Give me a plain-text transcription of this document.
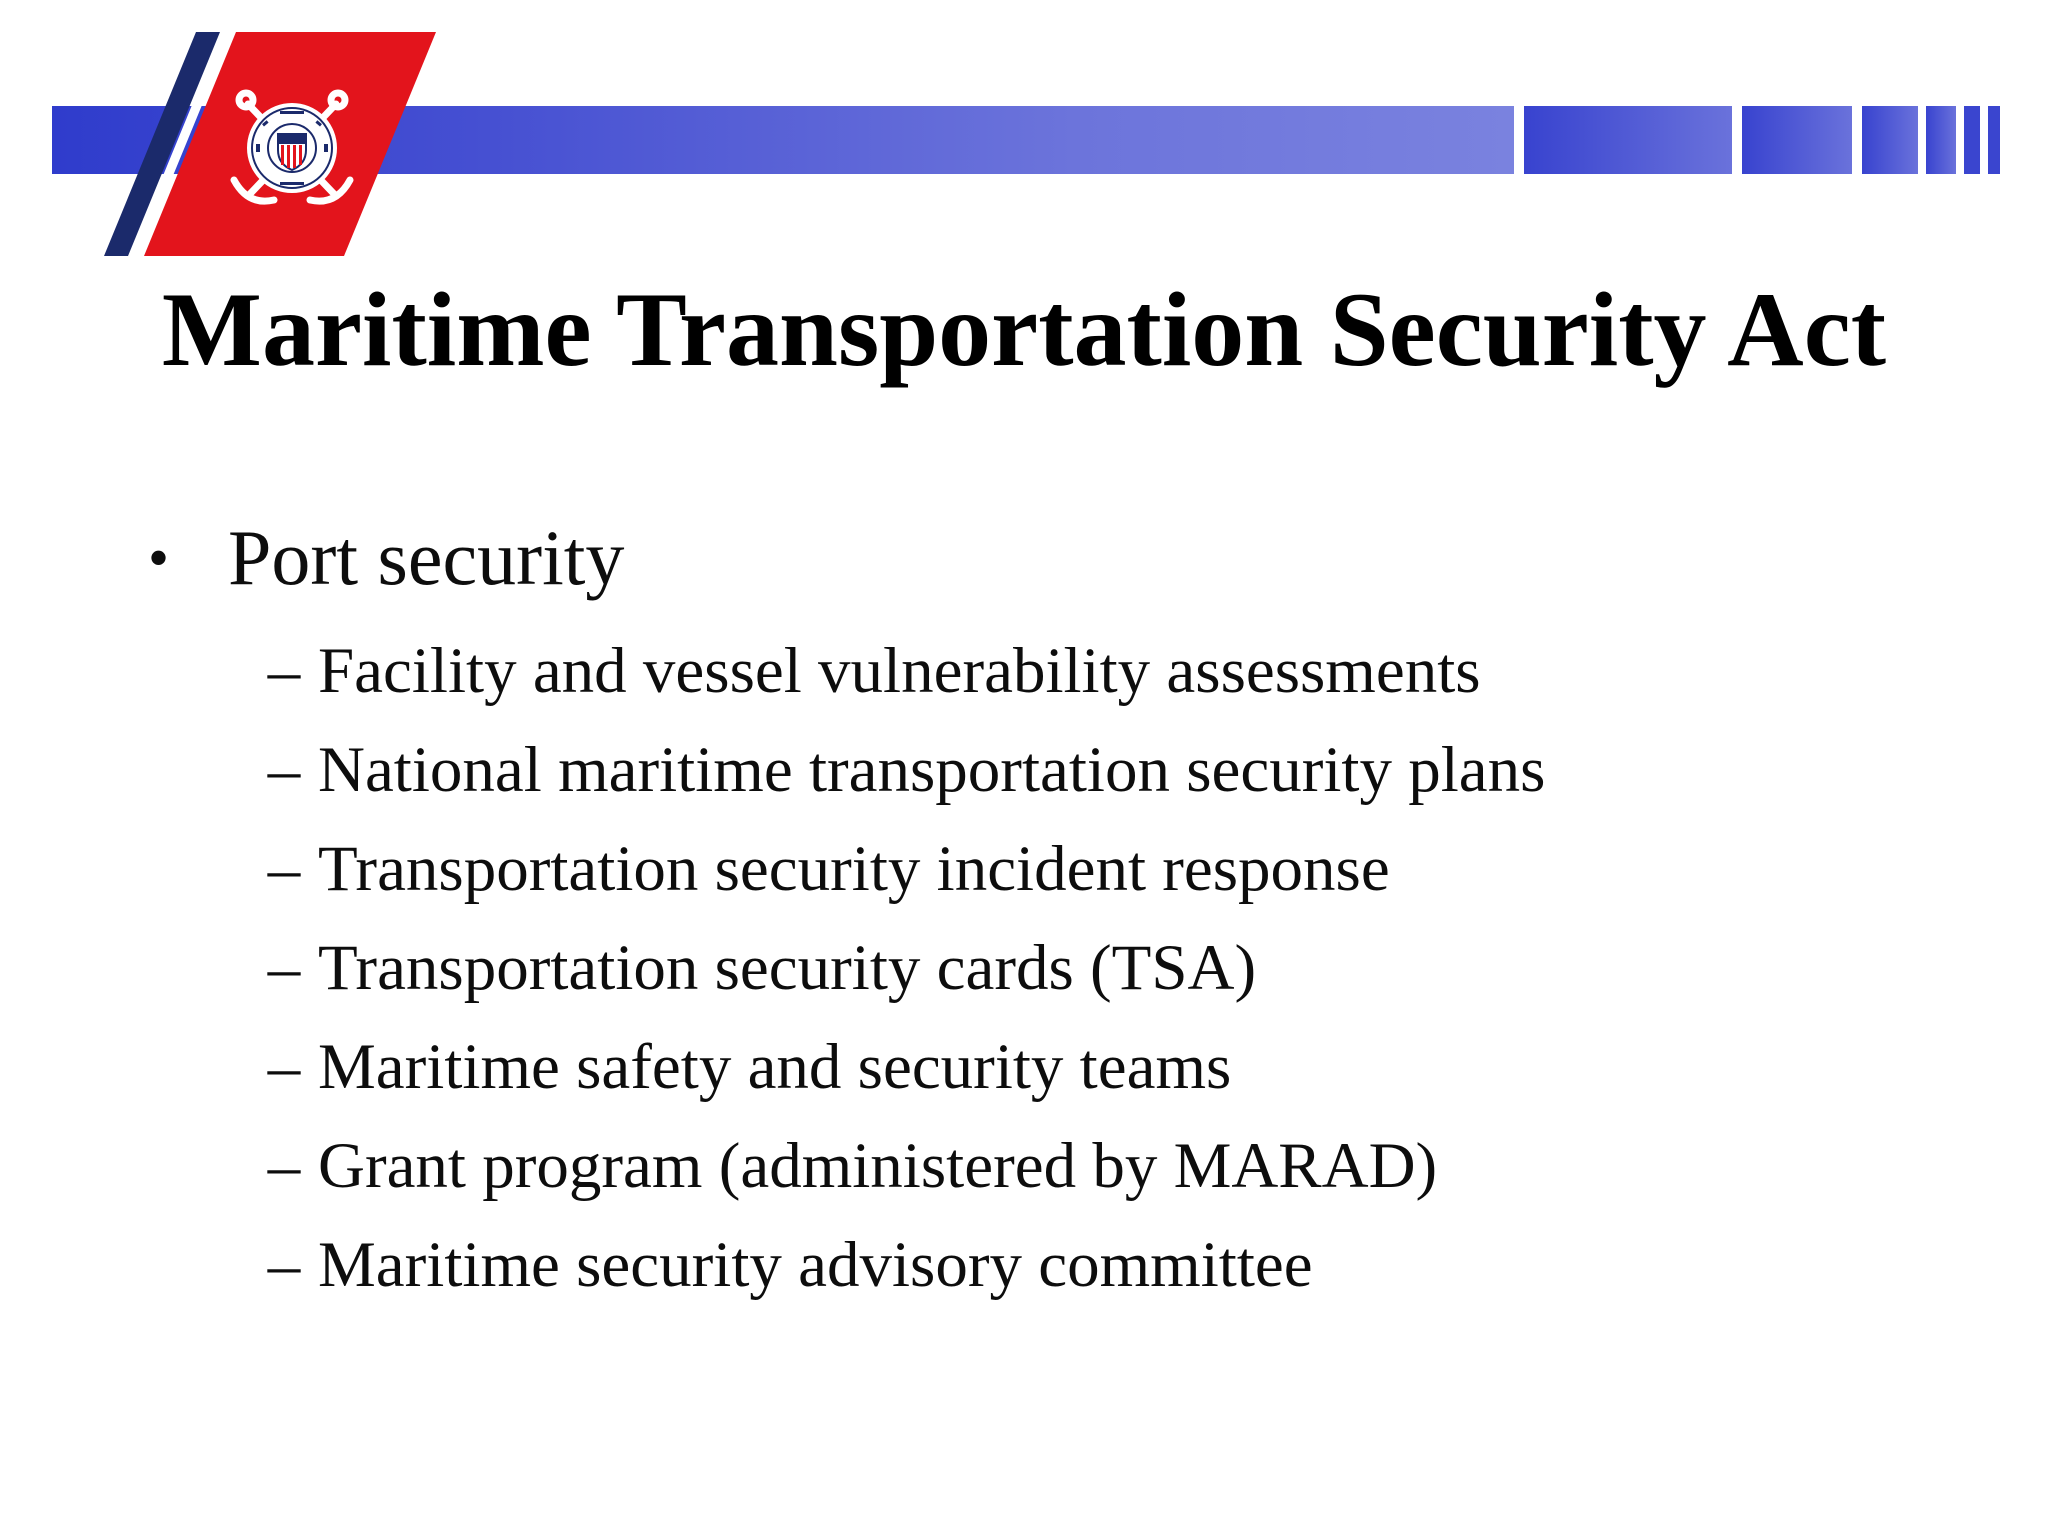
Maritime Transportation Security Act
• Port security
– Facility and vessel vulnerability assessments
– National maritime transportation security plans
– Transportation security incident response
– Transportation security cards (TSA)
– Maritime safety and security teams
– Grant program (administered by MARAD)
– Maritime security advisory committee
